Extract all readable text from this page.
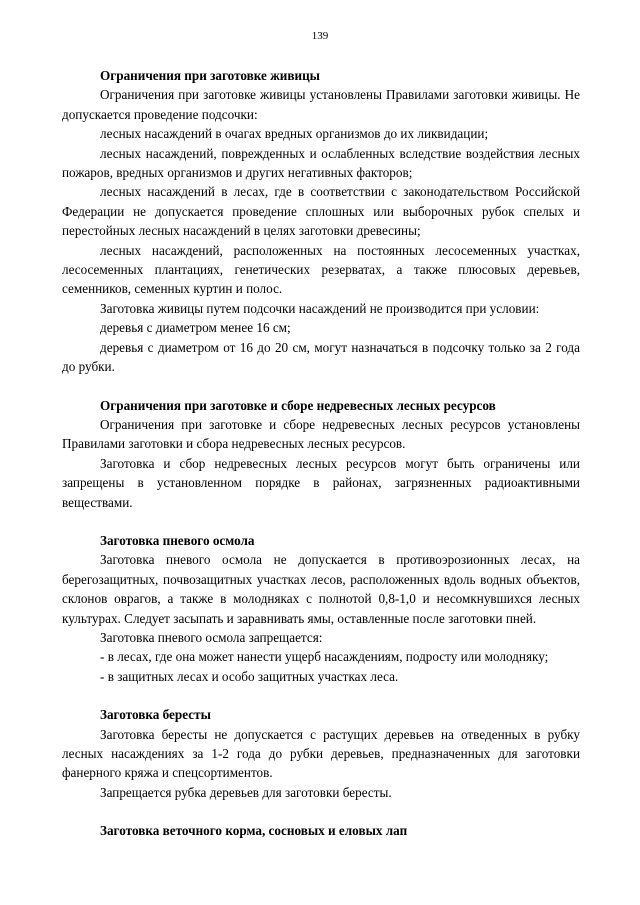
139
Ограничения при заготовке живицы

Ограничения при заготовке живицы установлены Правилами заготовки живицы. Не допускается проведение подсочки:

лесных насаждений в очагах вредных организмов до их ликвидации;

лесных насаждений, поврежденных и ослабленных вследствие воздействия лесных пожаров, вредных организмов и других негативных факторов;

лесных насаждений в лесах, где в соответствии с законодательством Российской Федерации не допускается проведение сплошных или выборочных рубок спелых и перестойных лесных насаждений в целях заготовки древесины;

лесных насаждений, расположенных на постоянных лесосеменных участках, лесосеменных плантациях, генетических резерватах, а также плюсовых деревьев, семенников, семенных куртин и полос.

Заготовка живицы путем подсочки насаждений не производится при условии:

деревья с диаметром менее 16 см;

деревья с диаметром от 16 до 20 см, могут назначаться в подсочку только за 2 года до рубки.

Ограничения при заготовке и сборе недревесных лесных ресурсов

Ограничения при заготовке и сборе недревесных лесных ресурсов установлены Правилами заготовки и сбора недревесных лесных ресурсов.

Заготовка и сбор недревесных лесных ресурсов могут быть ограничены или запрещены в установленном порядке в районах, загрязненных радиоактивными веществами.

Заготовка пневого осмола

Заготовка пневого осмола не допускается в противоэрозионных лесах, на берегозащитных, почвозащитных участках лесов, расположенных вдоль водных объектов, склонов оврагов, а также в молодняках с полнотой 0,8-1,0 и несомкнувшихся лесных культурах. Следует засыпать и заравнивать ямы, оставленные после заготовки пней.

Заготовка пневого осмола запрещается:

- в лесах, где она может нанести ущерб насаждениям, подросту или молодняку;

- в защитных лесах и особо защитных участках леса.

Заготовка бересты

Заготовка бересты не допускается с растущих деревьев на отведенных в рубку лесных насаждениях за 1-2 года до рубки деревьев, предназначенных для заготовки фанерного кряжа и спецсортиментов.

Запрещается рубка деревьев для заготовки бересты.

Заготовка веточного корма, сосновых и еловых лап
